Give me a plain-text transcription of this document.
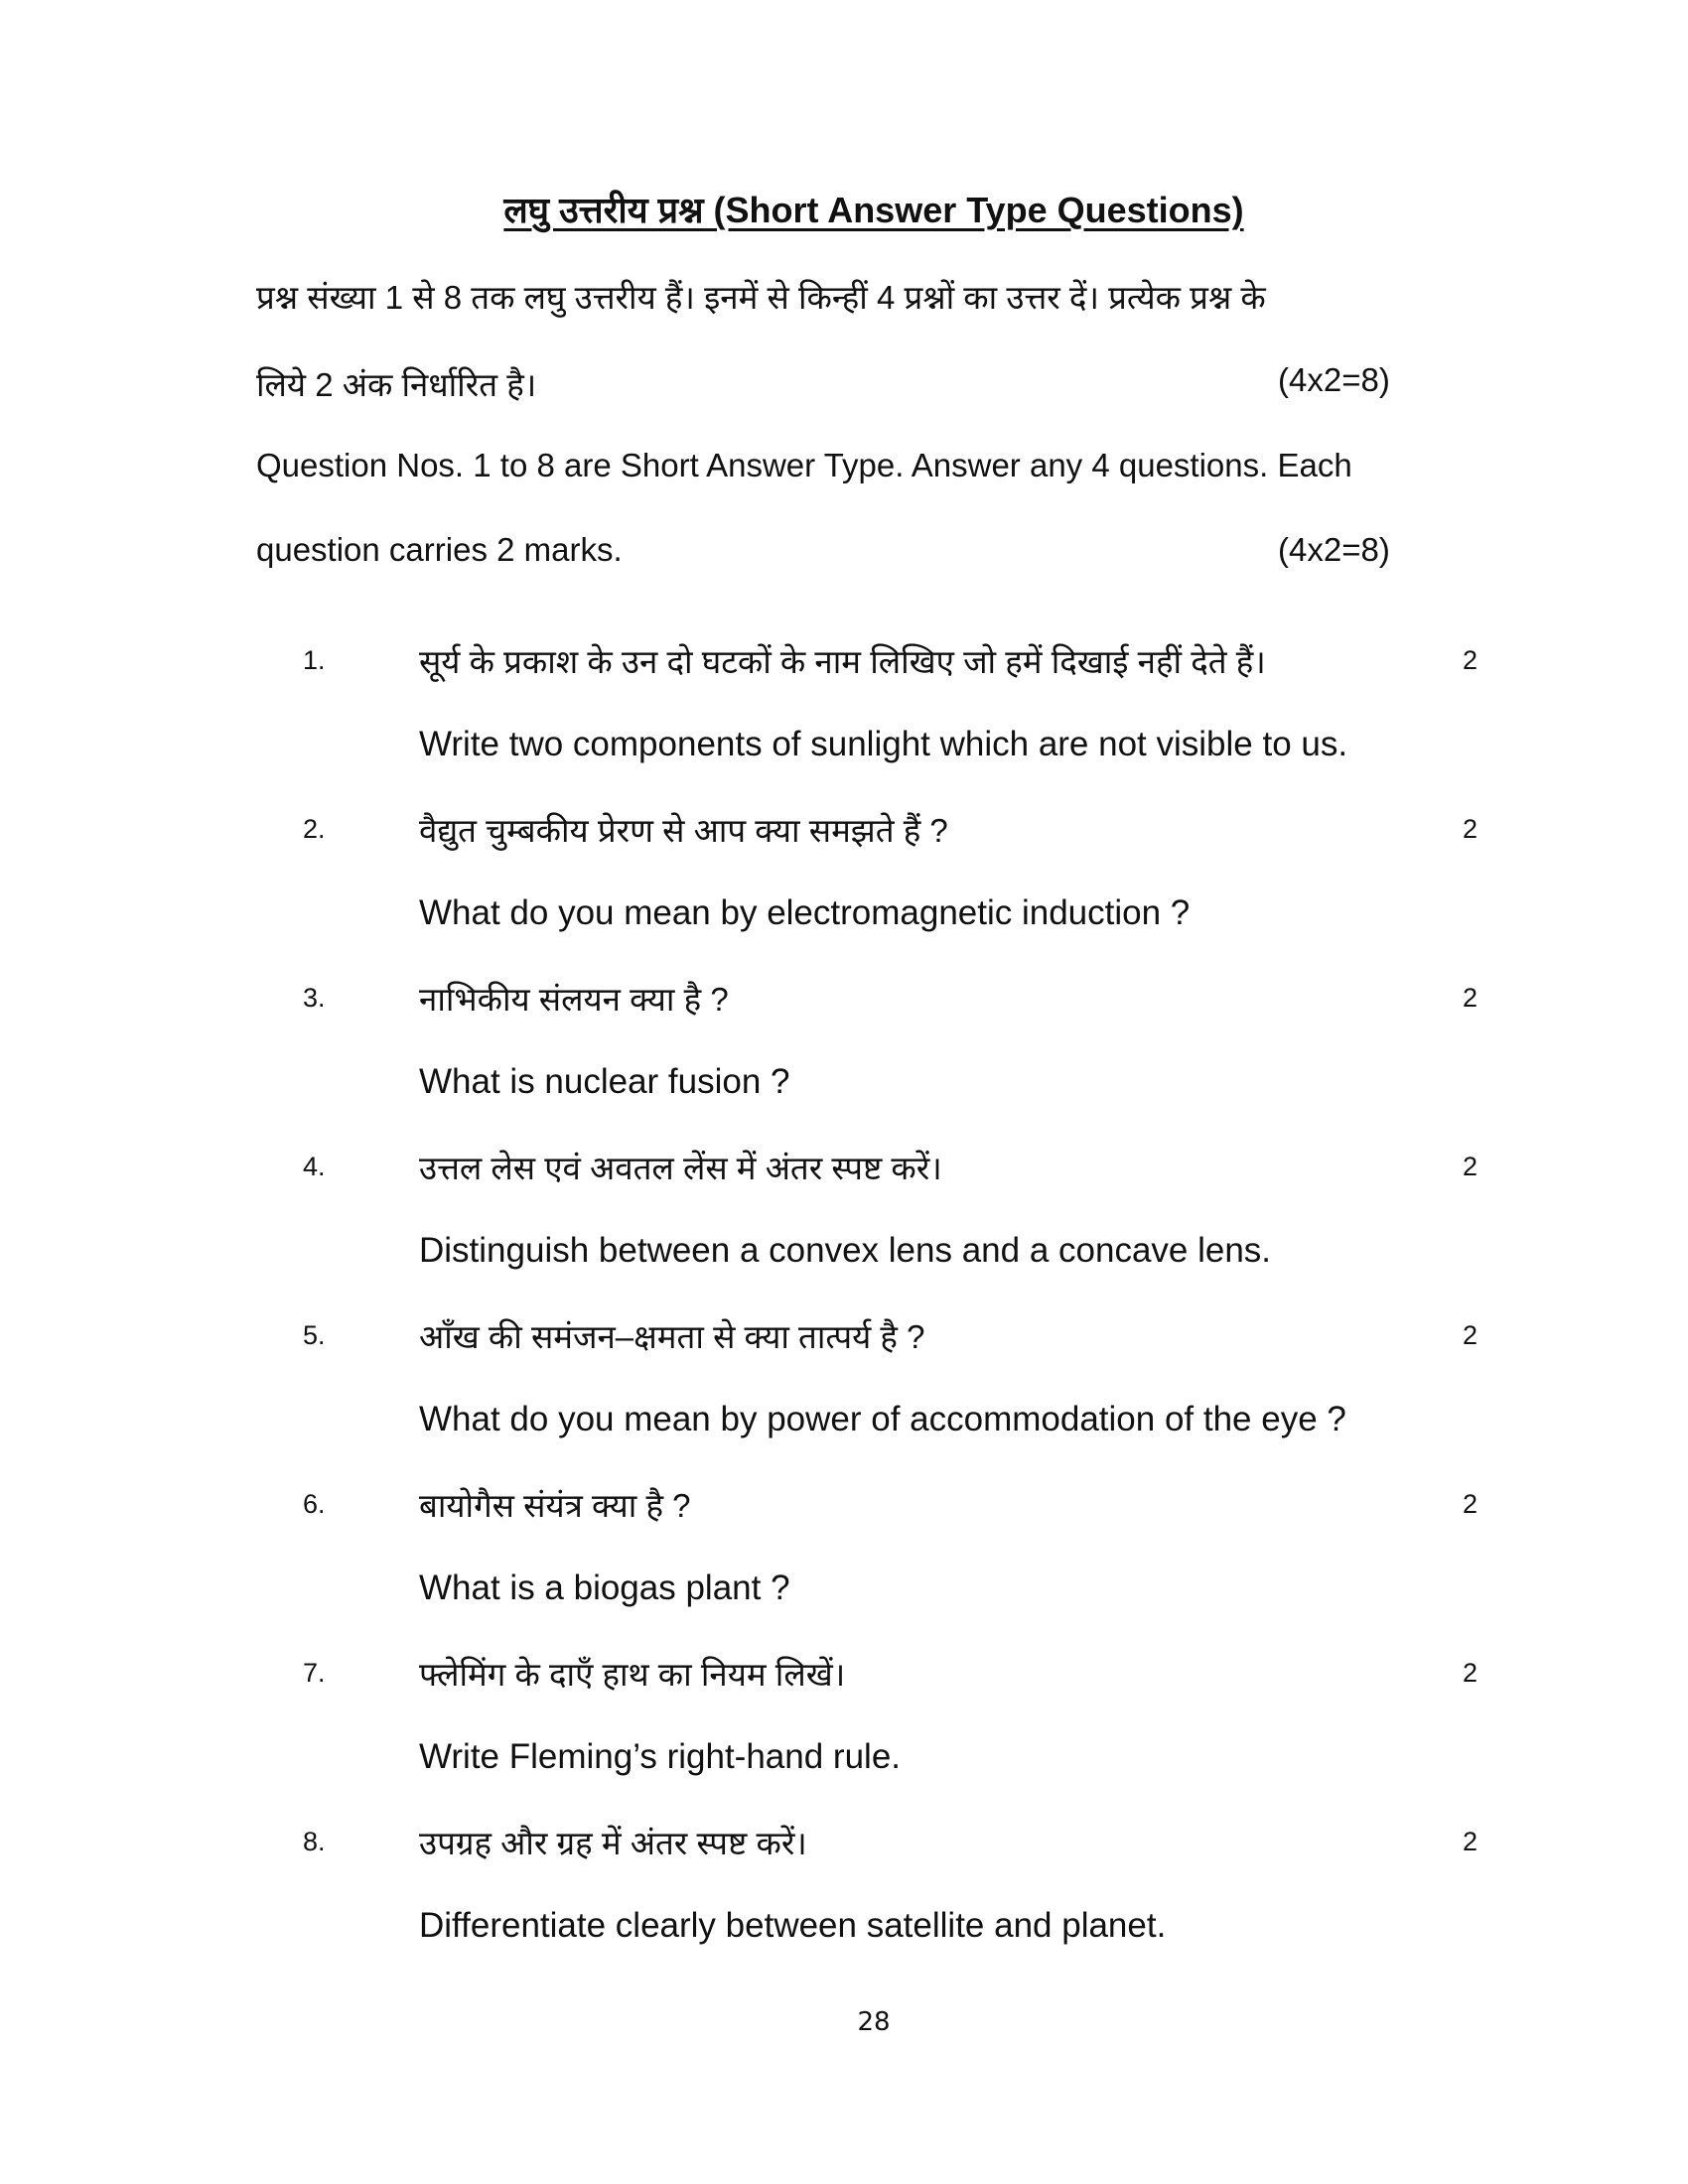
लघु उत्तरीय प्रश्न (Short Answer Type Questions)
प्रश्न संख्या 1 से 8 तक लघु उत्तरीय हैं। इनमें से किन्हीं 4 प्रश्नों का उत्तर दें। प्रत्येक प्रश्न के
लिये 2 अंक निर्धारित है।	(4x2=8)
Question Nos. 1 to 8 are Short Answer Type. Answer any 4 questions. Each
question carries 2 marks.	(4x2=8)
1.	सूर्य के प्रकाश के उन दो घटकों के नाम लिखिए जो हमें दिखाई नहीं देते हैं।	2
Write two components of sunlight which are not visible to us.
2.	वैद्युत चुम्बकीय प्रेरण से आप क्या समझते हैं ?	2
What do you mean by electromagnetic induction ?
3.	नाभिकीय संलयन क्या है ?	2
What is nuclear fusion ?
4.	उत्तल लेस एवं अवतल लेंस में अंतर स्पष्ट करें।	2
Distinguish between a convex lens and a concave lens.
5.	आँख की समंजन–क्षमता से क्या तात्पर्य है ?	2
What do you mean by power of accommodation of the eye ?
6.	बायोगैस संयंत्र क्या है ?	2
What is a biogas plant ?
7.	फ्लेमिंग के दाएँ हाथ का नियम लिखें।	2
Write Fleming’s right-hand rule.
8.	उपग्रह और ग्रह में अंतर स्पष्ट करें।	2
Differentiate clearly between satellite and planet.
28
